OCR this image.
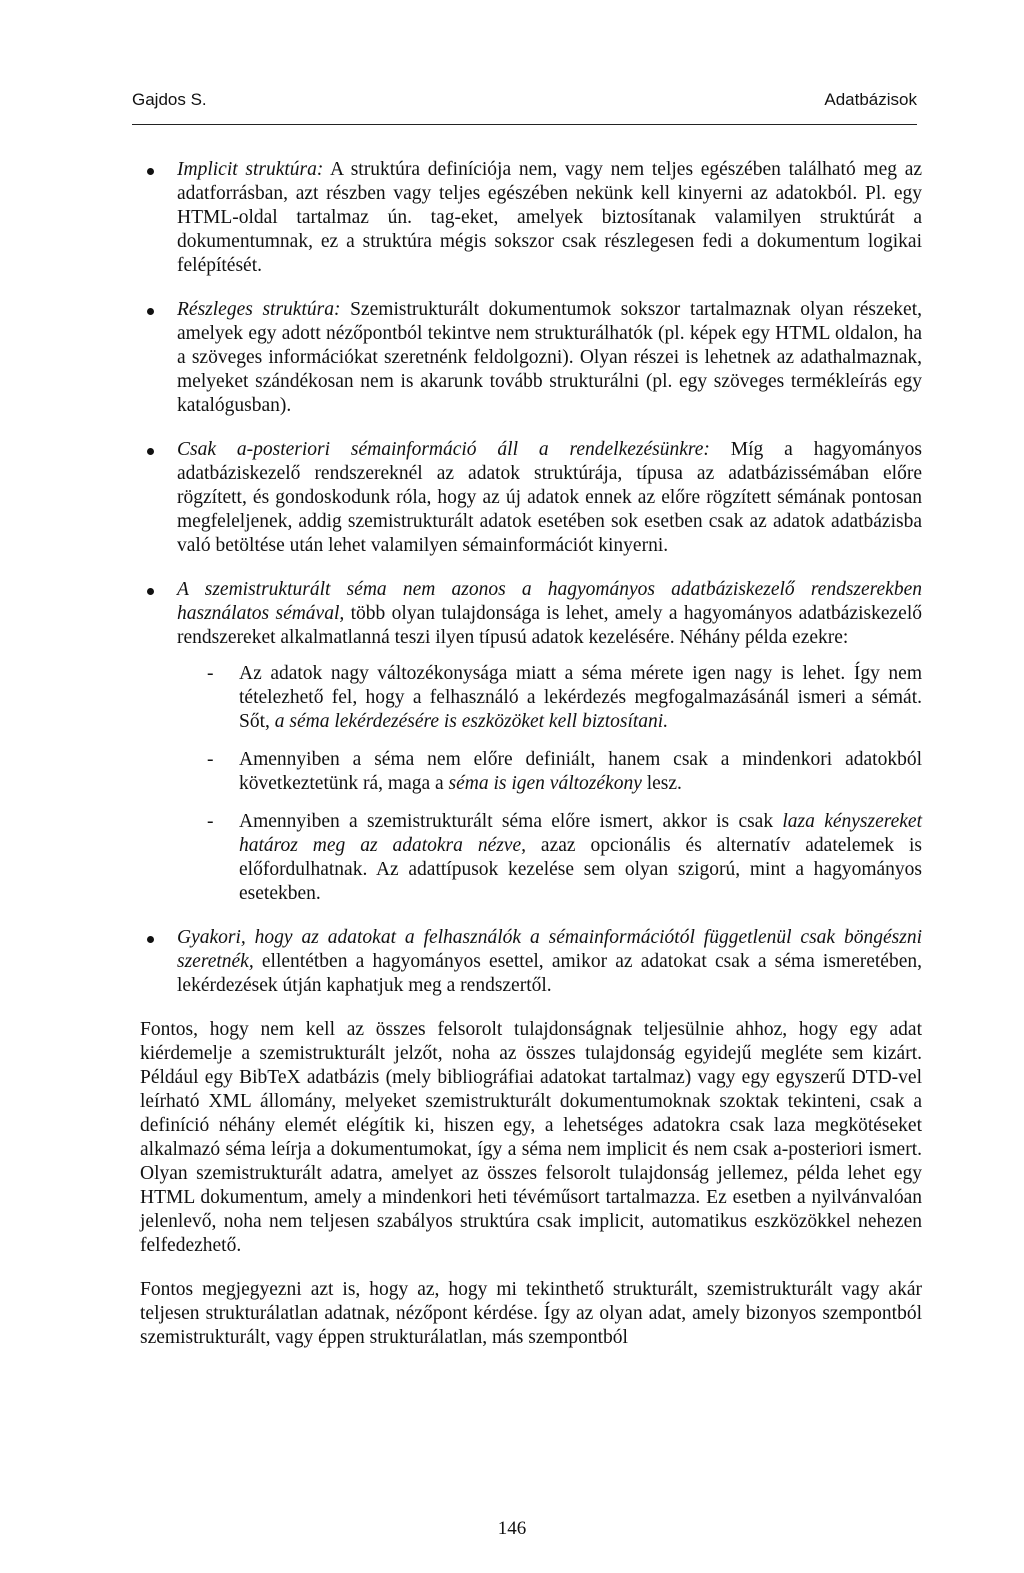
Gajdos S.	Adatbázisok
Implicit struktúra: A struktúra definíciója nem, vagy nem teljes egészében található meg az adatforrásban, azt részben vagy teljes egészében nekünk kell kinyerni az adatokból. Pl. egy HTML-oldal tartalmaz ún. tag-eket, amelyek biztosítanak valamilyen struktúrát a dokumentumnak, ez a struktúra mégis sokszor csak részlegesen fedi a dokumentum logikai felépítését.
Részleges struktúra: Szemistrukturált dokumentumok sokszor tartalmaznak olyan részeket, amelyek egy adott nézőpontból tekintve nem strukturálhatók (pl. képek egy HTML oldalon, ha a szöveges információkat szeretnénk feldolgozni). Olyan részei is lehetnek az adathalmaznak, melyeket szándékosan nem is akarunk tovább strukturálni (pl. egy szöveges termékleírás egy katalógusban).
Csak a-posteriori sémainformáció áll a rendelkezésünkre: Míg a hagyományos adatbáziskezelő rendszereknél az adatok struktúrája, típusa az adatbázissémában előre rögzített, és gondoskodunk róla, hogy az új adatok ennek az előre rögzített sémának pontosan megfeleljenek, addig szemistrukturált adatok esetében sok esetben csak az adatok adatbázisba való betöltése után lehet valamilyen sémainformációt kinyerni.
A szemistrukturált séma nem azonos a hagyományos adatbáziskezelő rendszerekben használatos sémával, több olyan tulajdonsága is lehet, amely a hagyományos adatbáziskezelő rendszereket alkalmatlanná teszi ilyen típusú adatok kezelésére. Néhány példa ezekre:
- Az adatok nagy változékonysága miatt a séma mérete igen nagy is lehet. Így nem tételezhető fel, hogy a felhasználó a lekérdezés megfogalmazásánál ismeri a sémát. Sőt, a séma lekérdezésére is eszközöket kell biztosítani.
- Amennyiben a séma nem előre definiált, hanem csak a mindenkori adatokból következtetünk rá, maga a séma is igen változékony lesz.
- Amennyiben a szemistrukturált séma előre ismert, akkor is csak laza kényszereket határoz meg az adatokra nézve, azaz opcionális és alternatív adatelemek is előfordulhatnak. Az adattípusok kezelése sem olyan szigorú, mint a hagyományos esetekben.
Gyakori, hogy az adatokat a felhasználók a sémainformációtól függetlenül csak böngészni szeretnék, ellentétben a hagyományos esettel, amikor az adatokat csak a séma ismeretében, lekérdezések útján kaphatjuk meg a rendszertől.

Fontos, hogy nem kell az összes felsorolt tulajdonságnak teljesülnie ahhoz, hogy egy adat kiérdemelje a szemistrukturált jelzőt, noha az összes tulajdonság egyidejű megléte sem kizárt. Például egy BibTeX adatbázis (mely bibliográfiai adatokat tartalmaz) vagy egy egyszerű DTD-vel leírható XML állomány, melyeket szemistrukturált dokumentumoknak szoktak tekinteni, csak a definíció néhány elemét elégítik ki, hiszen egy, a lehetséges adatokra csak laza megkötéseket alkalmazó séma leírja a dokumentumokat, így a séma nem implicit és nem csak a-posteriori ismert. Olyan szemistrukturált adatra, amelyet az összes felsorolt tulajdonság jellemez, példa lehet egy HTML dokumentum, amely a mindenkori heti tévéműsort tartalmazza. Ez esetben a nyilvánvalóan jelenlevő, noha nem teljesen szabályos struktúra csak implicit, automatikus eszközökkel nehezen felfedezhető.

Fontos megjegyezni azt is, hogy az, hogy mi tekinthető strukturált, szemistrukturált vagy akár teljesen strukturálatlan adatnak, nézőpont kérdése. Így az olyan adat, amely bizonyos szempontból szemistrukturált, vagy éppen strukturálatlan, más szempontból

146
